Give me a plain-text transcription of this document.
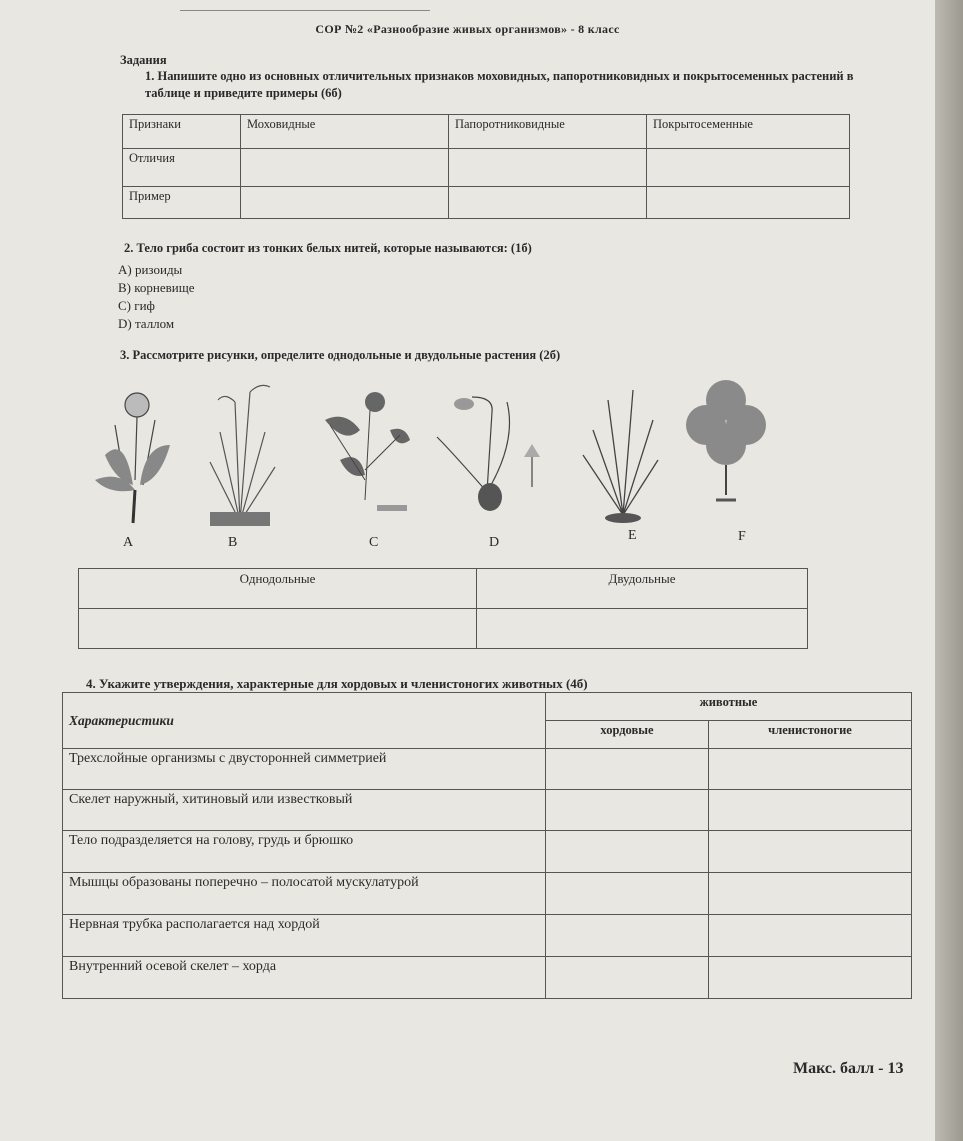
СОР №2 «Разнообразие живых организмов» - 8 класс
Задания
1. Напишите одно из основных отличительных признаков моховидных, папоротниковидных и покрытосеменных растений в таблице и приведите примеры (6б)
Признаки	Моховидные	Папоротниковидные	Покрытосеменные
Отличия			
Пример			
2. Тело гриба состоит из тонких белых нитей, которые называются: (1б)
A) ризоиды
B) корневище
C) гиф
D) таллом
3. Рассмотрите рисунки, определите однодольные и двудольные растения (2б)
A	B	C	D	E	F
Однодольные	Двудольные

4. Укажите утверждения, характерные для хордовых и членистоногих животных (4б)
Характеристики	животные	
	хордовые	членистоногие
Трехслойные организмы с двусторонней симметрией		
Скелет наружный, хитиновый или известковый		
Тело подразделяется на голову, грудь и брюшко		
Мышцы образованы поперечно – полосатой мускулатурой		
Нервная трубка располагается над хордой		
Внутренний осевой скелет – хорда		
Макс. балл - 13
